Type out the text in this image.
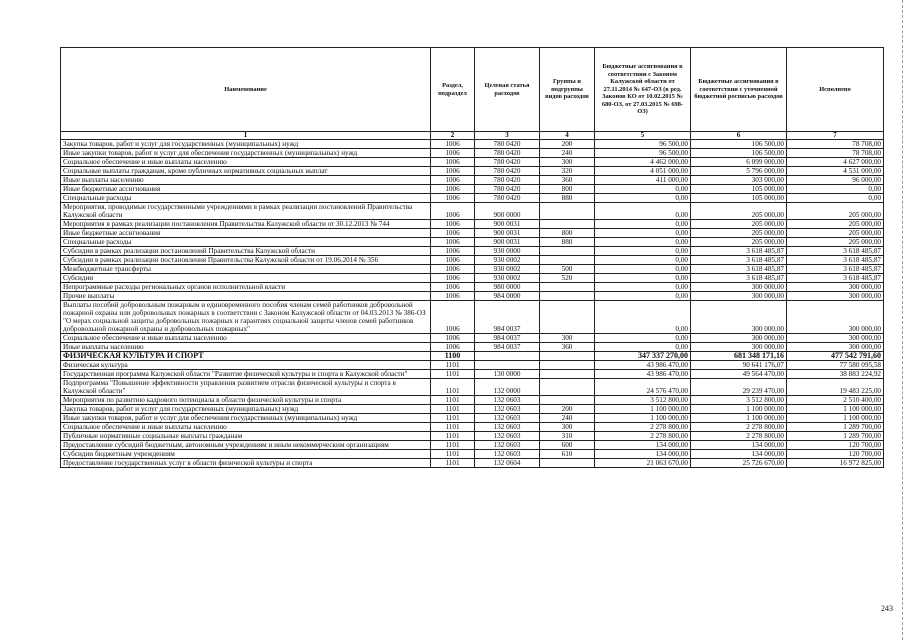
Наименование	Раздел, подраздел	Целевая статья расходов	Группы и подгруппы видов расходов	Бюджетные ассигнования в соответствии с Законом Калужской области от 27.11.2014 № 647-ОЗ (в ред. Законов КО от 10.02.2015 № 680-ОЗ, от 27.03.2015 № 698-ОЗ)	Бюджетные ассигнования в соответствии с уточненной бюджетной росписью расходов	Исполнено
1	2	3	4	5	6	7
Закупка товаров, работ и услуг для государственных (муниципальных) нужд	1006	780 0420	200	96 500,00	106 500,00	78 708,00
Иные закупки товаров, работ и услуг для обеспечения государственных (муниципальных) нужд	1006	780 0420	240	96 500,00	106 500,00	78 708,00
Социальное обеспечение и иные выплаты населению	1006	780 0420	300	4 462 000,00	6 099 000,00	4 627 000,00
Социальные выплаты гражданам, кроме публичных нормативных социальных выплат	1006	780 0420	320	4 051 000,00	5 796 000,00	4 531 000,00
Иные выплаты населению	1006	780 0420	360	411 000,00	303 000,00	96 000,00
Иные бюджетные ассигнования	1006	780 0420	800	0,00	105 000,00	0,00
Специальные расходы	1006	780 0420	880	0,00	105 000,00	0,00
Мероприятия, проводимые государственными учреждениями в рамках реализации постановлений Правительства Калужской области	1006	900 0000		0,00	205 000,00	205 000,00
Мероприятия в рамках реализации постановления Правительства Калужской области от 30.12.2013 № 744	1006	900 0031		0,00	205 000,00	205 000,00
Иные бюджетные ассигнования	1006	900 0031	800	0,00	205 000,00	205 000,00
Специальные расходы	1006	900 0031	880	0,00	205 000,00	205 000,00
Субсидии в рамках реализации постановлений Правительства Калужской области	1006	930 0000		0,00	3 618 485,87	3 618 485,87
Субсидии в рамках реализации постановления Правительства Калужской области от 19.06.2014 № 356	1006	930 0002		0,00	3 618 485,87	3 618 485,87
Межбюджетные трансферты	1006	930 0002	500	0,00	3 618 485,87	3 618 485,87
Субсидии	1006	930 0002	520	0,00	3 618 485,87	3 618 485,87
Непрограммные расходы региональных органов исполнительной власти	1006	980 0000		0,00	300 000,00	300 000,00
Прочие выплаты	1006	984 0000		0,00	300 000,00	300 000,00
Выплаты пособий добровольным пожарным и единовременного пособия членам семей работников добровольной пожарной охраны или добровольных пожарных в соответствии с Законом Калужской области от 04.03.2013 № 386-ОЗ "О мерах социальной защиты добровольных пожарных и гарантиях социальной защиты членов семей работников добровольной пожарной охраны и добровольных пожарных"	1006	984 0037		0,00	300 000,00	300 000,00
Социальное обеспечение и иные выплаты населению	1006	984 0037	300	0,00	300 000,00	300 000,00
Иные выплаты населению	1006	984 0037	360	0,00	300 000,00	300 000,00
ФИЗИЧЕСКАЯ КУЛЬТУРА И СПОРТ	1100			347 337 270,00	681 348 171,16	477 542 791,60
Физическая культура	1101			43 986 470,00	90 641 176,07	77 580 095,58
Государственная программа Калужской области "Развитие физической культуры и спорта в Калужской области"	1101	130 0000		43 986 470,00	49 564 470,00	38 883 224,92
Подпрограмма "Повышение эффективности управления развитием отрасли физической культуры и спорта в Калужской области"	1101	132 0000		24 576 470,00	29 239 470,00	19 483 225,00
Мероприятия по развитию кадрового потенциала в области физической культуры и спорта	1101	132 0603		3 512 800,00	3 512 800,00	2 510 400,00
Закупка товаров, работ и услуг для государственных (муниципальных) нужд	1101	132 0603	200	1 100 000,00	1 100 000,00	1 100 000,00
Иные закупки товаров, работ и услуг для обеспечения государственных (муниципальных) нужд	1101	132 0603	240	1 100 000,00	1 100 000,00	1 100 000,00
Социальное обеспечение и иные выплаты населению	1101	132 0603	300	2 278 800,00	2 278 800,00	1 289 700,00
Публичные нормативные социальные выплаты гражданам	1101	132 0603	310	2 278 800,00	2 278 800,00	1 289 700,00
Предоставление субсидий бюджетным, автономным учреждениям и иным некоммерческим организациям	1101	132 0603	600	134 000,00	134 000,00	120 700,00
Субсидии бюджетным учреждениям	1101	132 0603	610	134 000,00	134 000,00	120 700,00
Предоставление государственных услуг в области физической культуры и спорта	1101	132 0604		21 063 670,00	25 726 670,00	16 972 825,00
243
